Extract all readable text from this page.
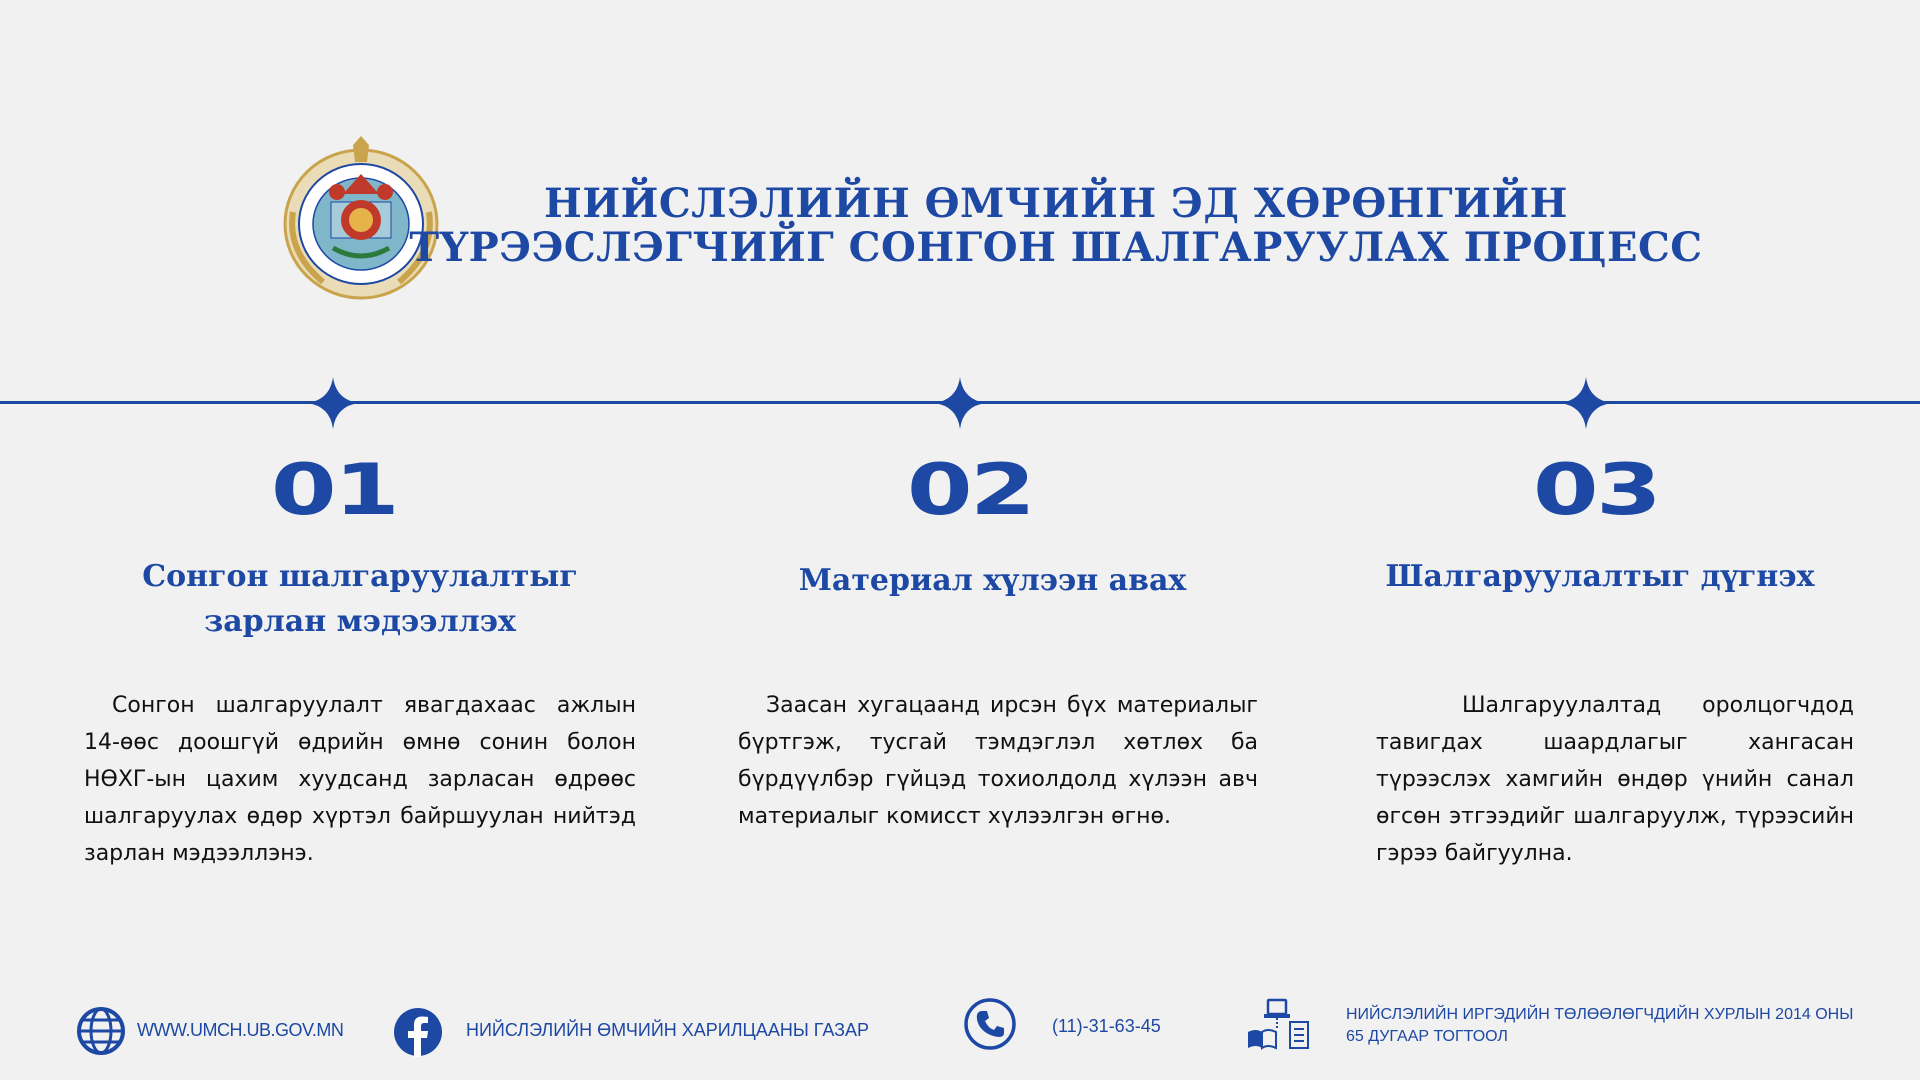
НИЙСЛЭЛИЙН ӨМЧИЙН ЭД ХӨРӨНГИЙН
ТҮРЭЭСЛЭГЧИЙГ СОНГОН ШАЛГАРУУЛАХ ПРОЦЕСС
01
Сонгон шалгаруулалтыг зарлан мэдээллэх
Сонгон шалгаруулалт явагдахаас ажлын 14-өөс доошгүй өдрийн өмнө сонин болон НӨХГ-ын цахим хуудсанд зарласан өдрөөс шалгаруулах өдөр хүртэл байршуулан нийтэд зарлан мэдээллэнэ.
02
Материал хүлээн авах
Заасан хугацаанд ирсэн бүх материалыг бүртгэж, тусгай тэмдэглэл хөтлөх ба бүрдүүлбэр гүйцэд тохиолдолд хүлээн авч материалыг комисст хүлээлгэн өгнө.
03
Шалгаруулалтыг дүгнэх
Шалгаруулалтад оролцогчдод тавигдах шаардлагыг хангасан түрээслэх хамгийн өндөр үнийн санал өгсөн этгээдийг шалгаруулж, түрээсийн гэрээ байгуулна.
WWW.UMCH.UB.GOV.MN	НИЙСЛЭЛИЙН ӨМЧИЙН ХАРИЛЦААНЫ ГАЗАР	(11)-31-63-45
НИЙСЛЭЛИЙН ИРГЭДИЙН ТӨЛӨӨЛӨГЧДИЙН ХУРЛЫН 2014 ОНЫ
65 ДУГААР ТОГТООЛ
